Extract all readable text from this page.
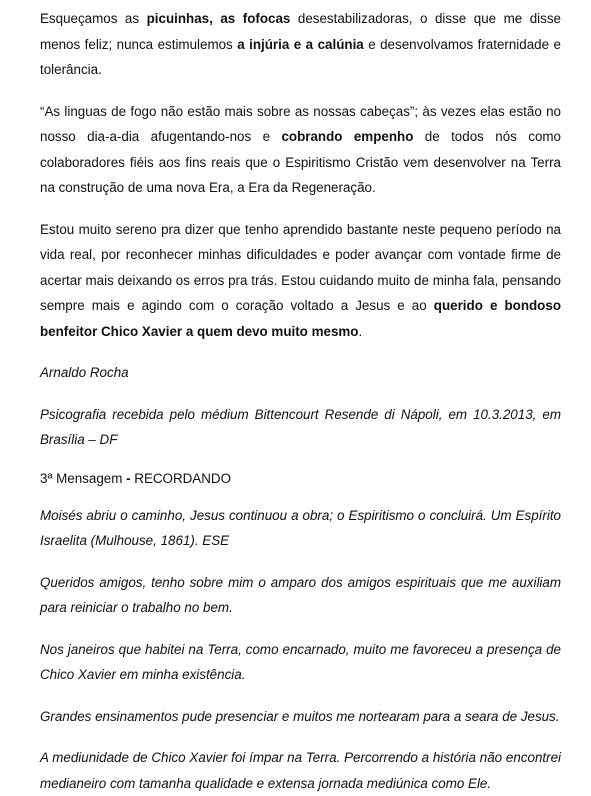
Esqueçamos as picuinhas, as fofocas desestabilizadoras, o disse que me disse menos feliz; nunca estimulemos a injúria e a calúnia e desenvolvamos fraternidade e tolerância.

“As linguas de fogo não estão mais sobre as nossas cabeças”; às vezes elas estão no nosso dia-a-dia afugentando-nos e cobrando empenho de todos nós como colaboradores fiéis aos fins reais que o Espiritismo Cristão vem desenvolver na Terra na construção de uma nova Era, a Era da Regeneração.

Estou muito sereno pra dizer que tenho aprendido bastante neste pequeno período na vida real, por reconhecer minhas dificuldades e poder avançar com vontade firme de acertar mais deixando os erros pra trás. Estou cuidando muito de minha fala, pensando sempre mais e agindo com o coração voltado a Jesus e ao querido e bondoso benfeitor Chico Xavier a quem devo muito mesmo.

Arnaldo Rocha

Psicografia recebida pelo médium Bittencourt Resende di Nápoli, em 10.3.2013, em Brasília – DF

3ª Mensagem - RECORDANDO

Moisés abriu o caminho, Jesus continuou a obra; o Espiritismo o concluirá. Um Espírito Israelita (Mulhouse, 1861). ESE

Queridos amigos, tenho sobre mim o amparo dos amigos espirituais que me auxiliam para reiniciar o trabalho no bem.

Nos janeiros que habitei na Terra, como encarnado, muito me favoreceu a presença de Chico Xavier em minha existência.

Grandes ensinamentos pude presenciar e muitos me nortearam para a seara de Jesus.

A mediunidade de Chico Xavier foi ímpar na Terra. Percorrendo a história não encontrei medianeiro com tamanha qualidade e extensa jornada mediúnica como Ele.
